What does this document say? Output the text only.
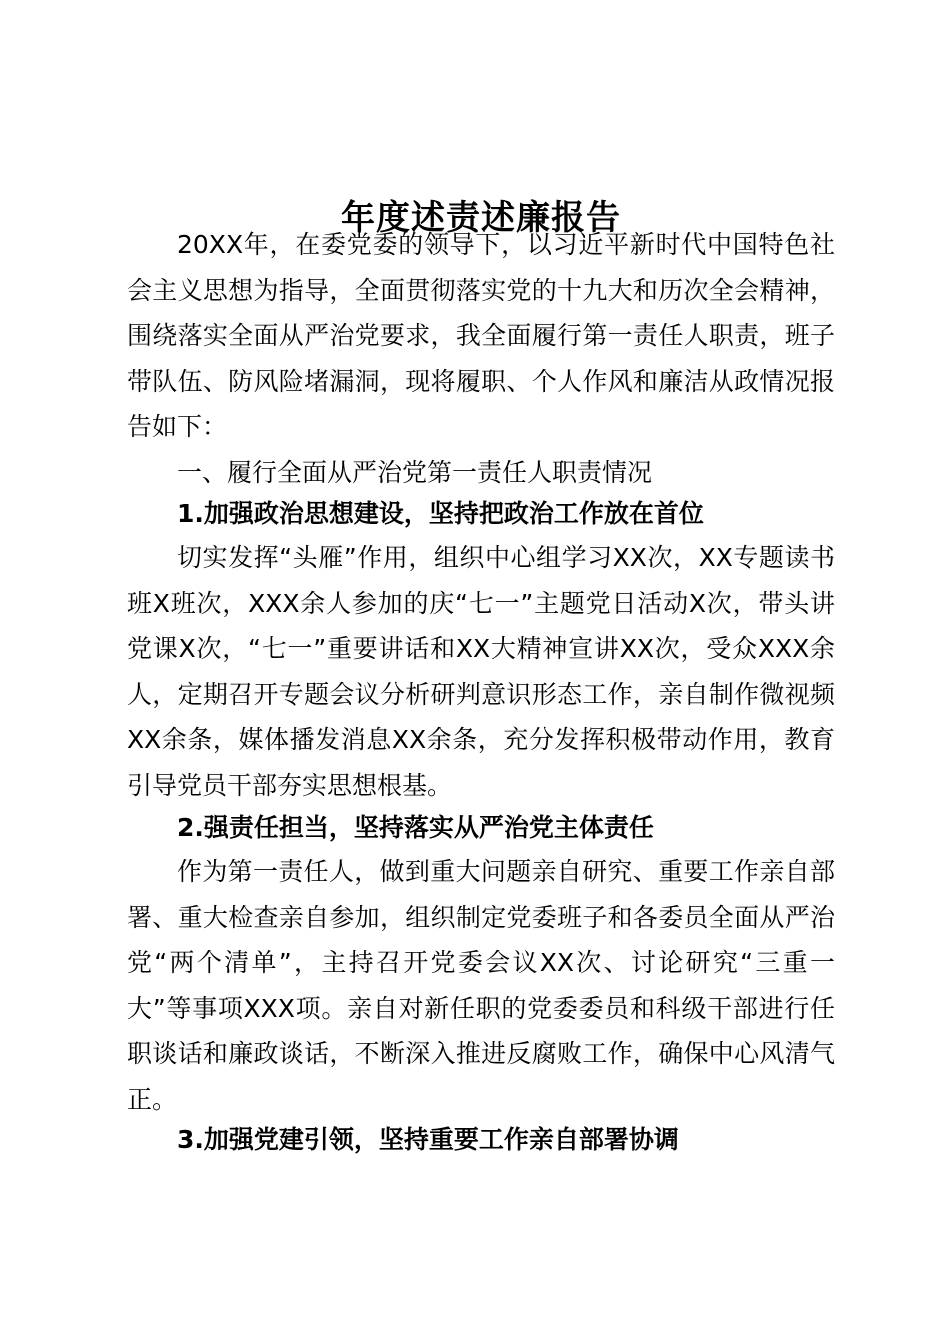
年度述责述廉报告

20XX年，在委党委的领导下，以习近平新时代中国特色社会主义思想为指导，全面贯彻落实党的十九大和历次全会精神，围绕落实全面从严治党要求，我全面履行第一责任人职责，班子带队伍、防风险堵漏洞，现将履职、个人作风和廉洁从政情况报告如下：

一、履行全面从严治党第一责任人职责情况

1.加强政治思想建设，坚持把政治工作放在首位

切实发挥“头雁”作用，组织中心组学习XX次，XX专题读书班X班次，XXX余人参加的庆“七一”主题党日活动X次，带头讲党课X次，“七一”重要讲话和XX大精神宣讲XX次，受众XXX余人，定期召开专题会议分析研判意识形态工作，亲自制作微视频XX余条，媒体播发消息XX余条，充分发挥积极带动作用，教育引导党员干部夯实思想根基。

2.强责任担当，坚持落实从严治党主体责任

作为第一责任人，做到重大问题亲自研究、重要工作亲自部署、重大检查亲自参加，组织制定党委班子和各委员全面从严治党“两个清单”，主持召开党委会议XX次、讨论研究“三重一大”等事项XXX项。亲自对新任职的党委委员和科级干部进行任职谈话和廉政谈话，不断深入推进反腐败工作，确保中心风清气正。

3.加强党建引领，坚持重要工作亲自部署协调
